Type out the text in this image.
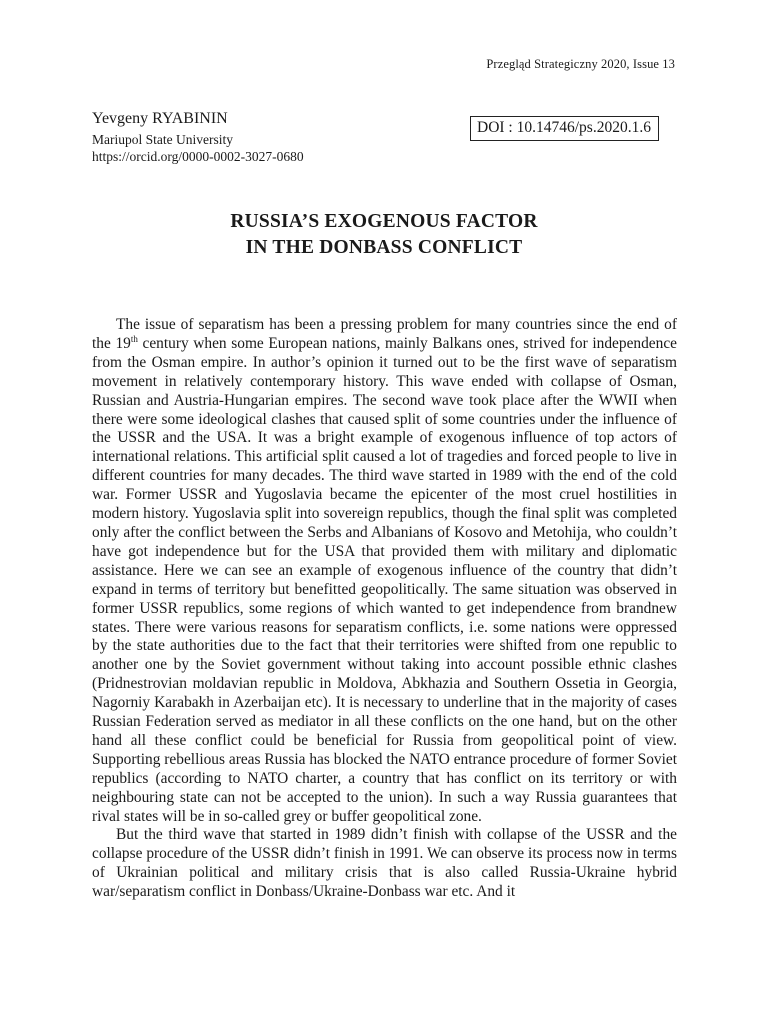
Przegląd Strategiczny 2020, Issue 13
Yevgeny RYABININ
Mariupol State University
https://orcid.org/0000-0002-3027-0680
DOI : 10.14746/ps.2020.1.6
RUSSIA’S EXOGENOUS FACTOR
IN THE DONBASS CONFLICT

The issue of separatism has been a pressing problem for many countries since the end of the 19th century when some European nations, mainly Balkans ones, strived for independence from the Osman empire. In author’s opinion it turned out to be the first wave of separatism movement in relatively contemporary history. This wave ended with collapse of Osman, Russian and Austria-Hungarian empires. The second wave took place after the WWII when there were some ideological clashes that caused split of some countries under the influence of the USSR and the USA. It was a bright example of exogenous influence of top actors of international relations. This artificial split caused a lot of tragedies and forced people to live in different countries for many decades. The third wave started in 1989 with the end of the cold war. Former USSR and Yugoslavia became the epicenter of the most cruel hostilities in modern history. Yugoslavia split into sovereign republics, though the final split was completed only after the conflict between the Serbs and Albanians of Kosovo and Metohija, who couldn’t have got independence but for the USA that provided them with military and diplomatic assistance. Here we can see an example of exogenous influence of the country that didn’t expand in terms of territory but benefitted geopolitically. The same situation was observed in former USSR republics, some regions of which wanted to get independence from brandnew states. There were various reasons for separatism conflicts, i.e. some nations were oppressed by the state authorities due to the fact that their territories were shifted from one republic to another one by the Soviet government without taking into account possible ethnic clashes (Pridnestrovian moldavian republic in Moldova, Abkhazia and Southern Ossetia in Georgia, Nagorniy Karabakh in Azerbaijan etc). It is necessary to underline that in the majority of cases Russian Federation served as mediator in all these conflicts on the one hand, but on the other hand all these conflict could be beneficial for Russia from geopolitical point of view. Supporting rebellious areas Russia has blocked the NATO entrance procedure of former Soviet republics (according to NATO charter, a country that has conflict on its territory or with neighbouring state can not be accepted to the union). In such a way Russia guarantees that rival states will be in so-called grey or buffer geopolitical zone.

But the third wave that started in 1989 didn’t finish with collapse of the USSR and the collapse procedure of the USSR didn’t finish in 1991. We can observe its process now in terms of Ukrainian political and military crisis that is also called Russia-Ukraine hybrid war/separatism conflict in Donbass/Ukraine-Donbass war etc. And it
